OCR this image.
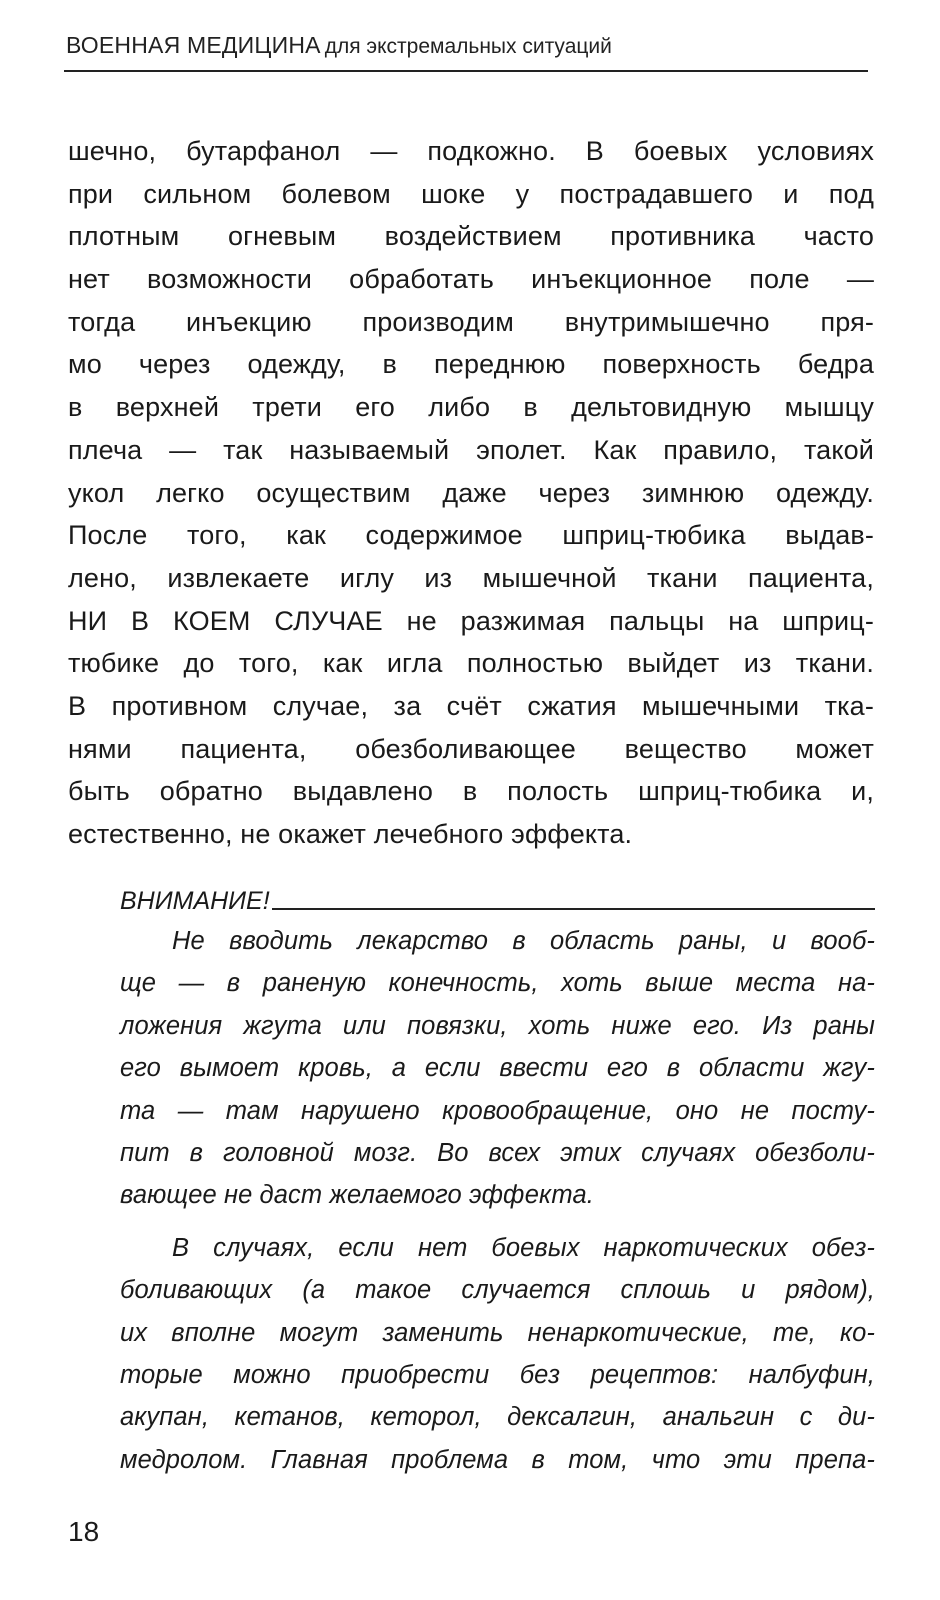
ВОЕННАЯ МЕДИЦИНА для экстремальных ситуаций
шечно, бутарфанол — подкожно. В боевых условиях
при сильном болевом шоке у пострадавшего и под
плотным огневым воздействием противника часто
нет возможности обработать инъекционное поле —
тогда инъекцию производим внутримышечно пря-
мо через одежду, в переднюю поверхность бедра
в верхней трети его либо в дельтовидную мышцу
плеча — так называемый эполет. Как правило, такой
укол легко осуществим даже через зимнюю одежду.
После того, как содержимое шприц-тюбика выдав-
лено, извлекаете иглу из мышечной ткани пациента,
НИ В КОЕМ СЛУЧАЕ не разжимая пальцы на шприц-
тюбике до того, как игла полностью выйдет из ткани.
В противном случае, за счёт сжатия мышечными тка-
нями пациента, обезболивающее вещество может
быть обратно выдавлено в полость шприц-тюбика и,
естественно, не окажет лечебного эффекта.
ВНИМАНИЕ!
Не вводить лекарство в область раны, и вооб-
ще — в раненую конечность, хоть выше места на-
ложения жгута или повязки, хоть ниже его. Из раны
его вымоет кровь, а если ввести его в области жгу-
та — там нарушено кровообращение, оно не посту-
пит в головной мозг. Во всех этих случаях обезболи-
вающее не даст желаемого эффекта.
В случаях, если нет боевых наркотических обез-
боливающих (а такое случается сплошь и рядом),
их вполне могут заменить ненаркотические, те, ко-
торые можно приобрести без рецептов: налбуфин,
акупан, кетанов, кеторол, дексалгин, анальгин с ди-
медролом. Главная проблема в том, что эти препа-
18
